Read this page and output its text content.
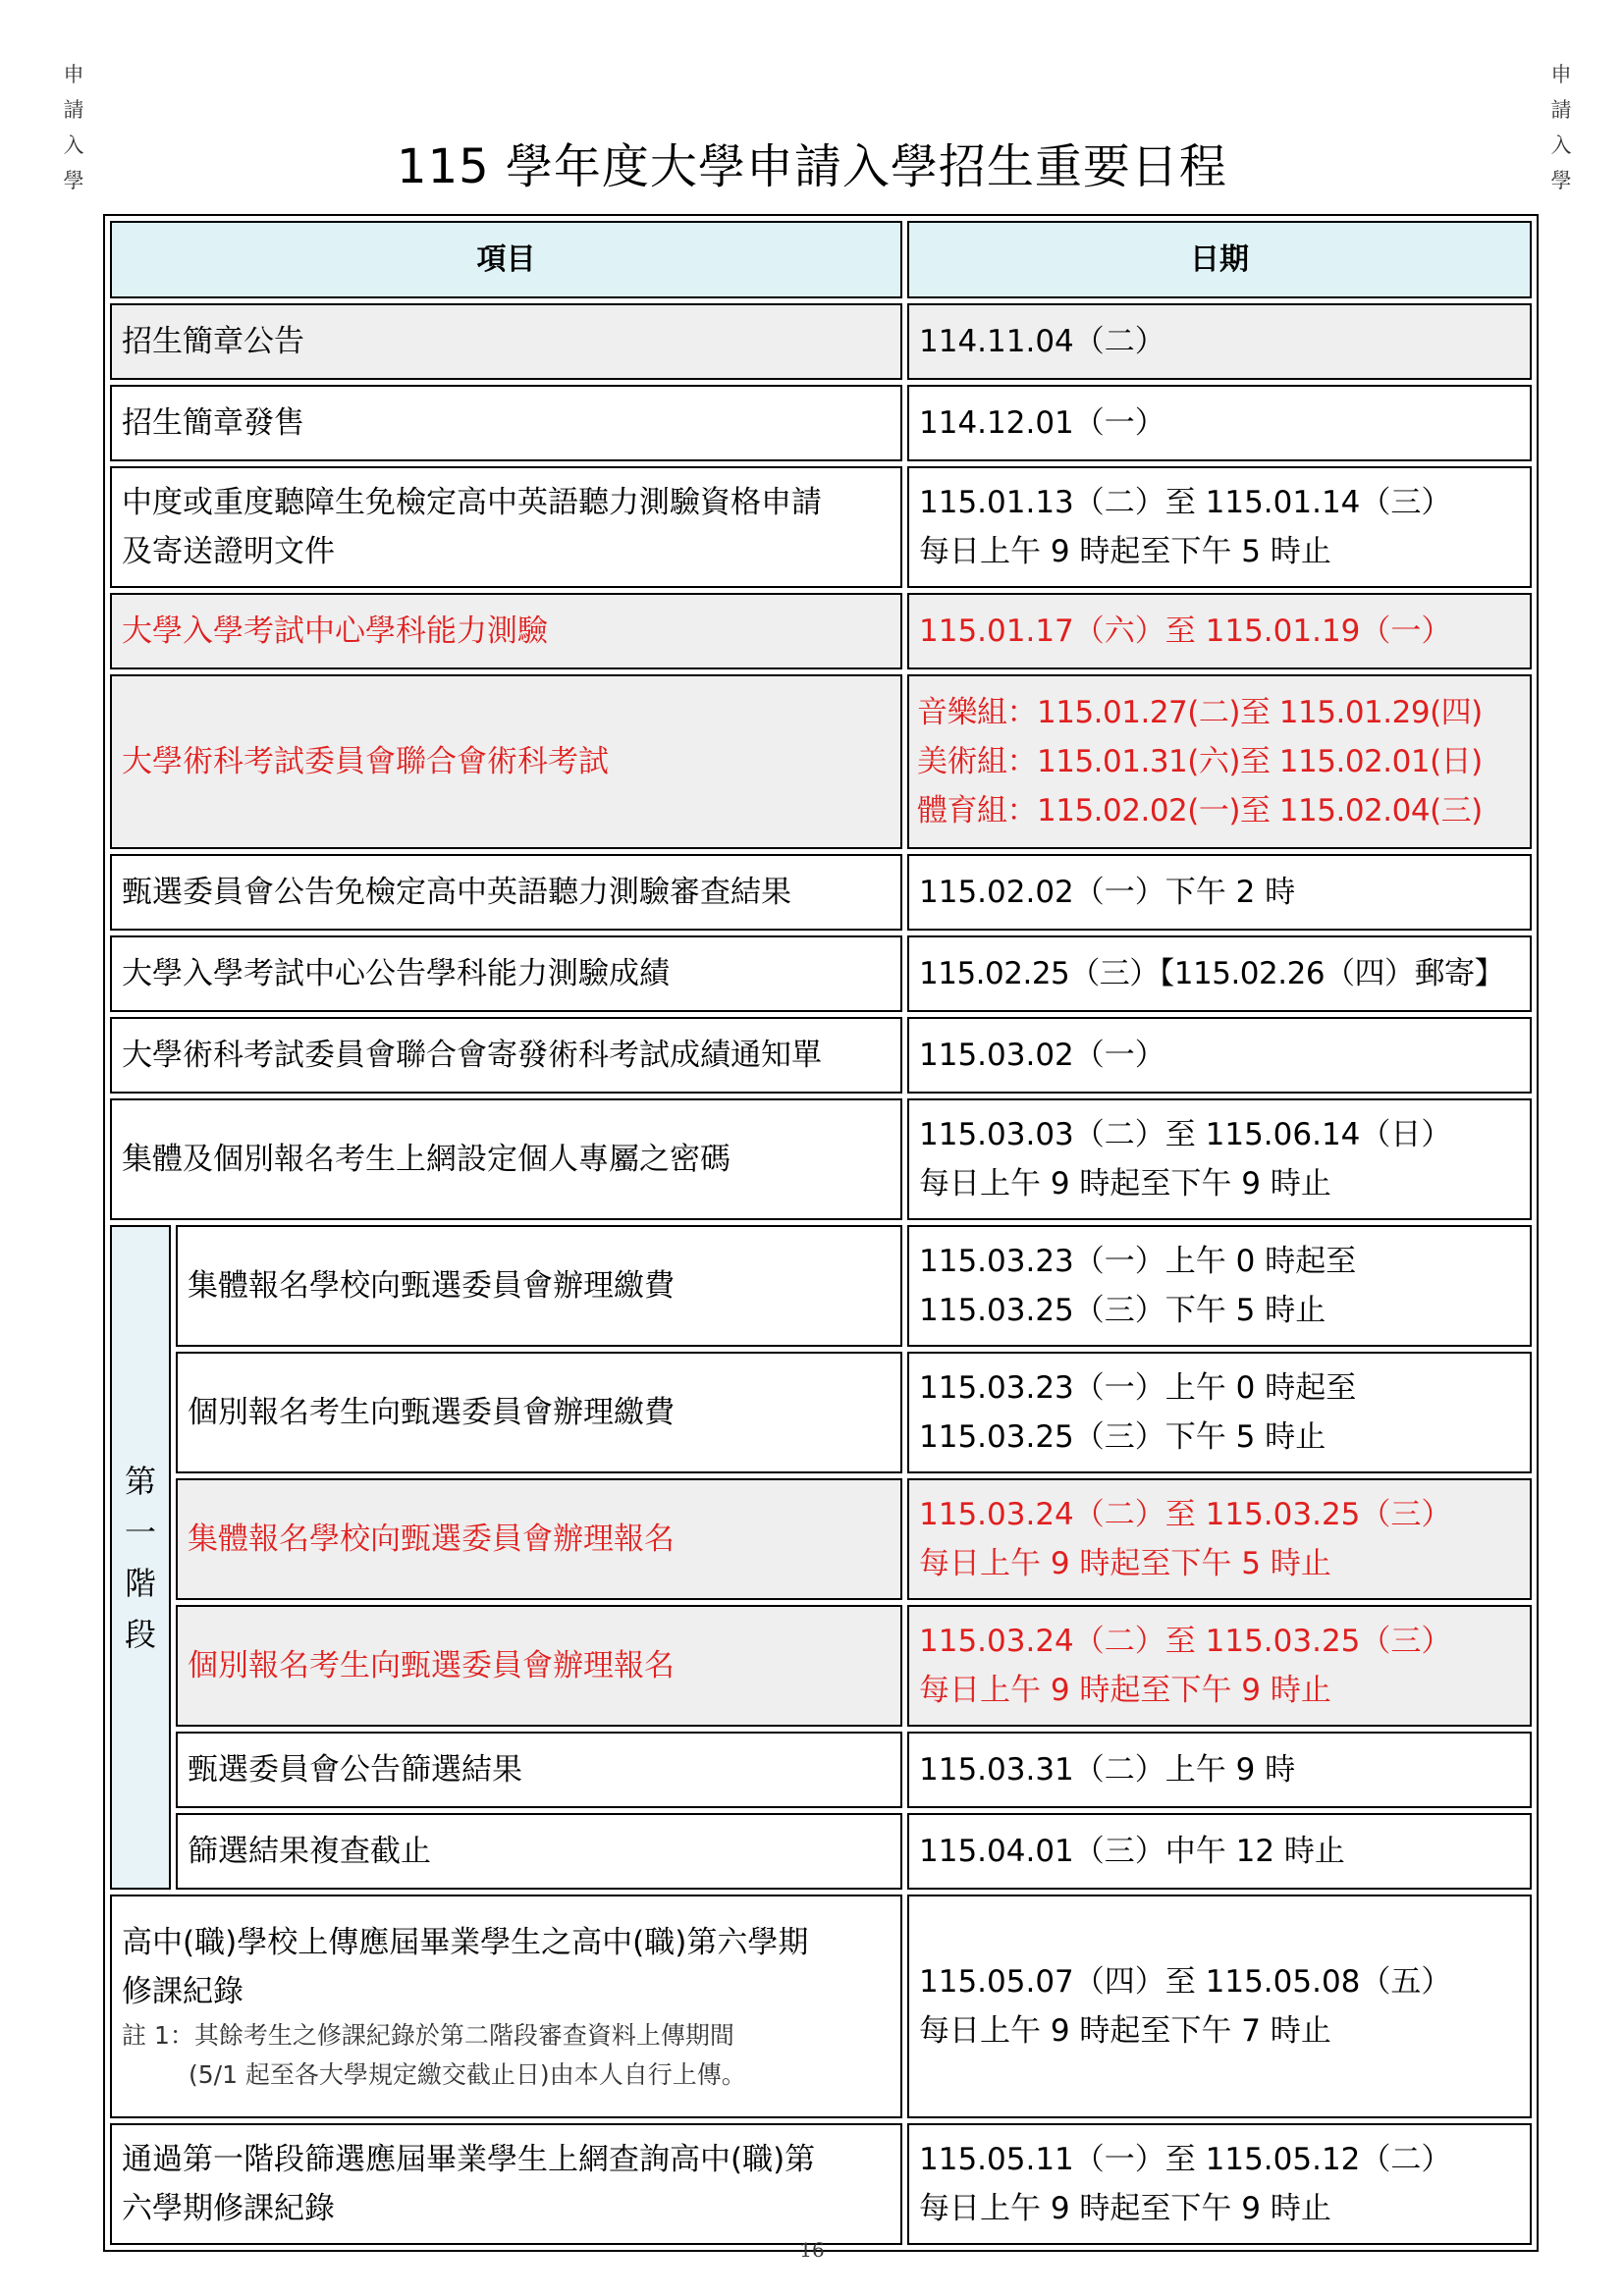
申
請
入
學
申
請
入
學
115 學年度大學申請入學招生重要日程
項目		日期

招生簡章公告		114.11.04（二）

招生簡章發售		114.12.01（一）

中度或重度聽障生免檢定高中英語聽力測驗資格申請
及寄送證明文件		115.01.13（二）至 115.01.14（三）
每日上午 9 時起至下午 5 時止

大學入學考試中心學科能力測驗		115.01.17（六）至 115.01.19（一）

大學術科考試委員會聯合會術科考試		音樂組：115.01.27(二)至 115.01.29(四)
美術組：115.01.31(六)至 115.02.01(日)
體育組：115.02.02(一)至 115.02.04(三)

甄選委員會公告免檢定高中英語聽力測驗審查結果		115.02.02（一）下午 2 時

大學入學考試中心公告學科能力測驗成績		115.02.25（三）【115.02.26（四）郵寄】

大學術科考試委員會聯合會寄發術科考試成績通知單		115.03.02（一）

集體及個別報名考生上網設定個人專屬之密碼		115.03.03（二）至 115.06.14（日）
每日上午 9 時起至下午 9 時止

第
一
階
段	集體報名學校向甄選委員會辦理繳費	115.03.23（一）上午 0 時起至
115.03.25（三）下午 5 時止

	個別報名考生向甄選委員會辦理繳費	115.03.23（一）上午 0 時起至
115.03.25（三）下午 5 時止

	集體報名學校向甄選委員會辦理報名	115.03.24（二）至 115.03.25（三）
每日上午 9 時起至下午 5 時止

	個別報名考生向甄選委員會辦理報名	115.03.24（二）至 115.03.25（三）
每日上午 9 時起至下午 9 時止

	甄選委員會公告篩選結果	115.03.31（二）上午 9 時

	篩選結果複查截止	115.04.01（三）中午 12 時止

高中(職)學校上傳應屆畢業學生之高中(職)第六學期
修課紀錄
註 1：其餘考生之修課紀錄於第二階段審查資料上傳期間
(5/1 起至各大學規定繳交截止日)由本人自行上傳。		115.05.07（四）至 115.05.08（五）
每日上午 9 時起至下午 7 時止

通過第一階段篩選應屆畢業學生上網查詢高中(職)第
六學期修課紀錄		115.05.11（一）至 115.05.12（二）
每日上午 9 時起至下午 9 時止
16
